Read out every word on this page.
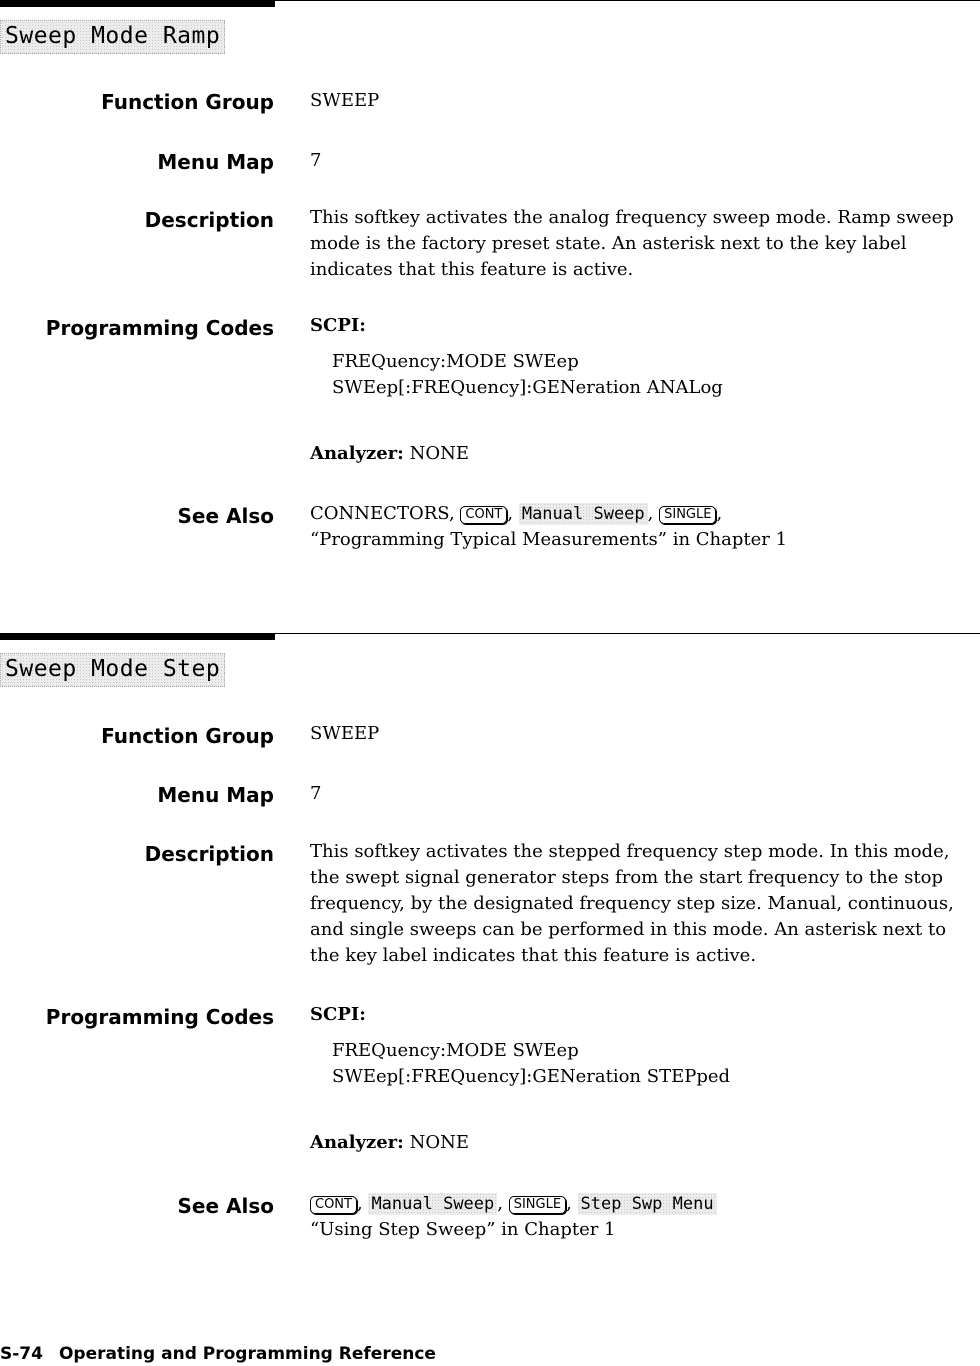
Sweep Mode Ramp
Function Group SWEEP
Menu Map 7
Description This softkey activates the analog frequency sweep mode. Ramp sweep mode is the factory preset state. An asterisk next to the key label indicates that this feature is active.
Programming Codes SCPI:
FREQuency:MODE SWEep
SWEep[:FREQuency]:GENeration ANALog
Analyzer: NONE
See Also CONNECTORS, CONT , Manual Sweep , SINGLE ,
“Programming Typical Measurements” in Chapter 1
Sweep Mode Step
Function Group SWEEP
Menu Map 7
Description This softkey activates the stepped frequency step mode. In this mode, the swept signal generator steps from the start frequency to the stop frequency, by the designated frequency step size. Manual, continuous, and single sweeps can be performed in this mode. An asterisk next to the key label indicates that this feature is active.
Programming Codes SCPI:
FREQuency:MODE SWEep
SWEep[:FREQuency]:GENeration STEPped
Analyzer: NONE
See Also	CONT , Manual Sweep , SINGLE , Step Swp Menu
“Using Step Sweep” in Chapter 1
S-74 Operating and Programming Reference
